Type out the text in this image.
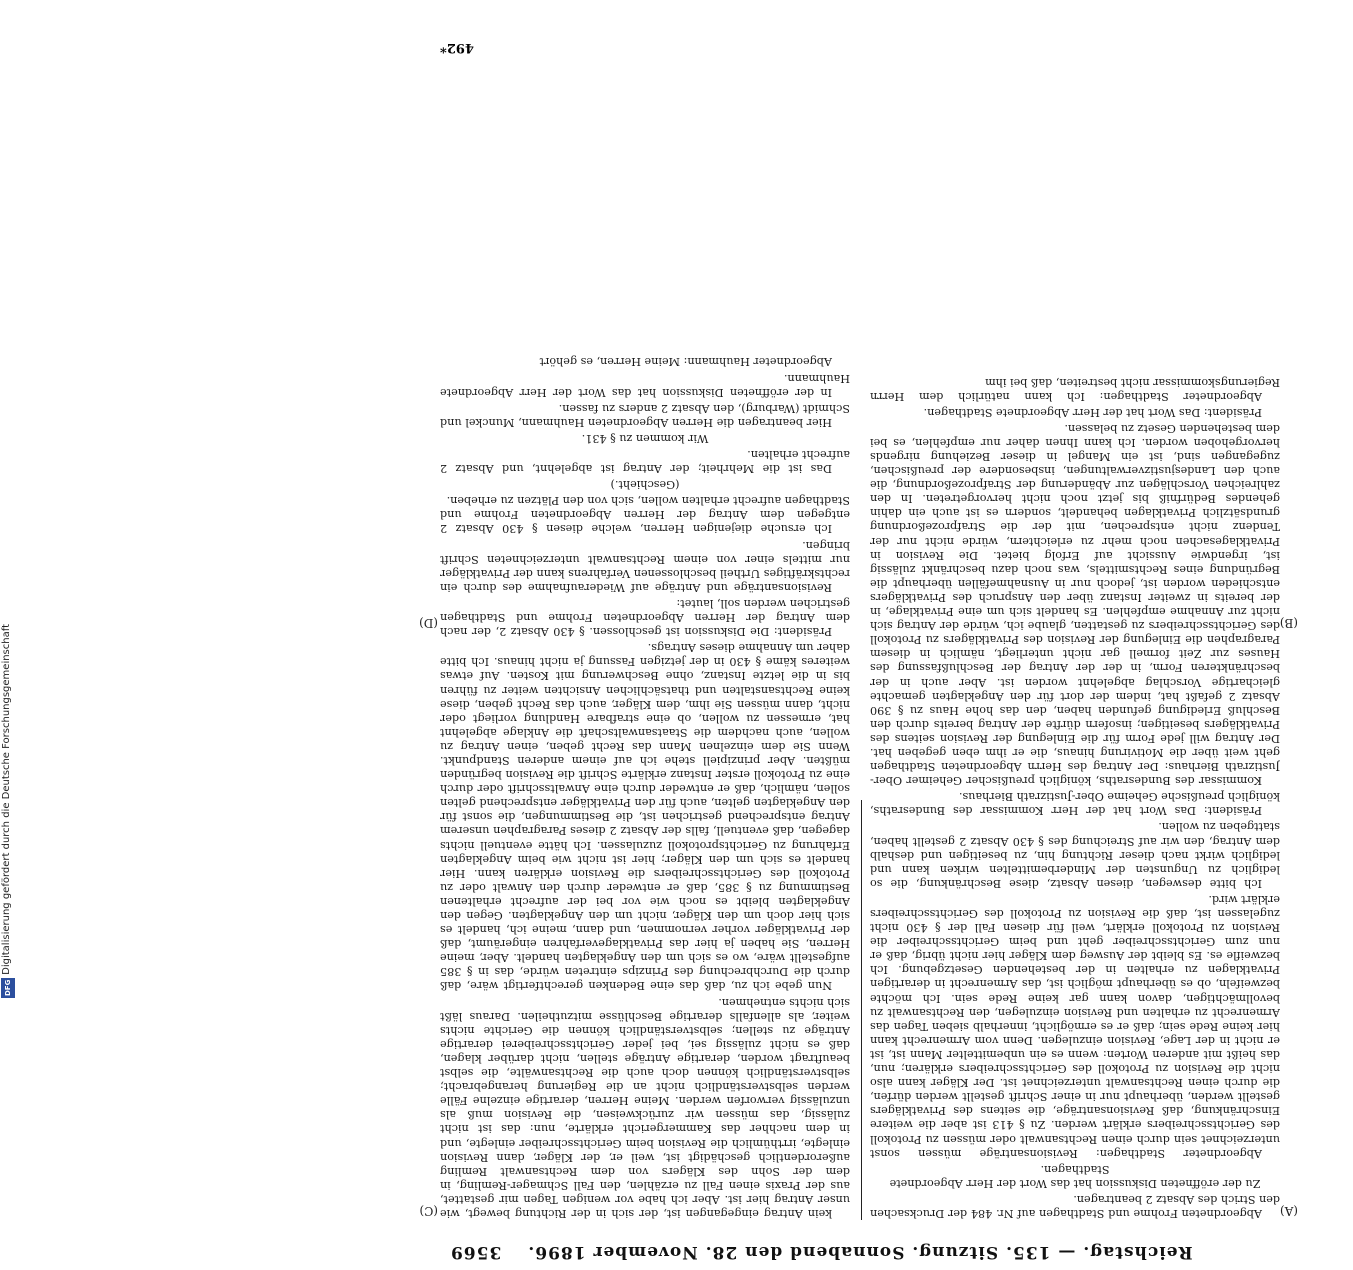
Reichstag. — 135. Sitzung. Sonnabend den 28. November 1896.
3569
(A)
(B)
(C)
(D)

Abgeordneten Frohme und Stadthagen auf Nr. 484 der Drucksachen den Strich des Absatz 2 beantragen.

Zu der eröffneten Diskussion hat das Wort der Herr Abgeordnete Stadthagen.

Abgeordneter Stadthagen: Revisionsanträge müssen sonst unterzeichnet sein durch einen Rechtsanwalt oder müssen zu Protokoll des Gerichtsschreibers erklärt werden. Zu § 413 ist aber die weitere Einschränkung, daß Revisionsanträge, die seitens des Privatklägers gestellt werden, überhaupt nur in einer Schrift gestellt werden dürfen, die durch einen Rechtsanwalt unterzeichnet ist. Der Kläger kann also nicht die Revision zu Protokoll des Gerichtsschreibers erklären; nun, das heißt mit anderen Worten: wenn es ein unbemittelter Mann ist, ist er nicht in der Lage, Revision einzulegen. Denn vom Armenrecht kann hier keine Rede sein; daß er es ermöglicht, innerhalb sieben Tagen das Armenrecht zu erhalten und Revision einzulegen, den Rechtsanwalt zu bevollmächtigen, davon kann gar keine Rede sein. Ich möchte bezweifeln, ob es überhaupt möglich ist, das Armenrecht in derartigen Privatklagen zu erhalten in der bestehenden Gesetzgebung. Ich bezweifle es. Es bleibt der Ausweg dem Kläger hier nicht übrig, daß er nun zum Gerichtsschreiber geht und beim Gerichtsschreiber die Revision zu Protokoll erklärt, weil für diesen Fall der § 430 nicht zugelassen ist, daß die Revision zu Protokoll des Gerichtsschreibers erklärt wird.

Ich bitte deswegen, diesen Absatz, diese Beschränkung, die so lediglich zu Ungunsten der Minderbemittelten wirken kann und lediglich wirkt nach dieser Richtung hin, zu beseitigen und deshalb dem Antrag, den wir auf Streichung des § 430 Absatz 2 gestellt haben, stattgeben zu wollen.

Präsident: Das Wort hat der Herr Kommissar des Bundesraths, königlich preußische Geheime Ober-Justizrath Bierhaus.

Kommissar des Bundesraths, königlich preußischer Geheimer Ober-Justizrath Bierhaus: Der Antrag des Herrn Abgeordneten Stadthagen geht weit über die Motivirung hinaus, die er ihm eben gegeben hat. Der Antrag will jede Form für die Einlegung der Revision seitens des Privatklägers beseitigen; insofern dürfte der Antrag bereits durch den Beschluß Erledigung gefunden haben, den das hohe Haus zu § 390 Absatz 2 gefaßt hat, indem der dort für den Angeklagten gemachte gleichartige Vorschlag abgelehnt worden ist. Aber auch in der beschränkteren Form, in der der Antrag der Beschlußfassung des Hauses zur Zeit formell gar nicht unterliegt, nämlich in diesem Paragraphen die Einlegung der Revision des Privatklägers zu Protokoll des Gerichtsschreibers zu gestatten, glaube ich, würde der Antrag sich nicht zur Annahme empfehlen. Es handelt sich um eine Privatklage, in der bereits in zweiter Instanz über den Anspruch des Privatklägers entschieden worden ist, jedoch nur in Ausnahmefällen überhaupt die Begründung eines Rechtsmittels, was noch dazu beschränkt zulässig ist, irgendwie Aussicht auf Erfolg bietet. Die Revision in Privatklagesachen noch mehr zu erleichtern, würde nicht nur der Tendenz nicht entsprechen, mit der die Strafprozeßordnung grundsätzlich Privatklagen behandelt, sondern es ist auch ein dahin gehendes Bedürfniß bis jetzt noch nicht hervorgetreten. In den zahlreichen Vorschlägen zur Abänderung der Strafprozeßordnung, die auch den Landesjustizverwaltungen, insbesondere der preußischen, zugegangen sind, ist ein Mangel in dieser Beziehung nirgends hervorgehoben worden. Ich kann Ihnen daher nur empfehlen, es bei dem bestehenden Gesetz zu belassen.

Präsident: Das Wort hat der Herr Abgeordnete Stadthagen.

Abgeordneter Stadthagen: Ich kann natürlich dem Herrn Regierungskommissar nicht bestreiten, daß bei ihm

kein Antrag eingegangen ist, der sich in der Richtung bewegt, wie unser Antrag hier ist. Aber ich habe vor wenigen Tagen mir gestattet, aus der Praxis einen Fall zu erzählen, den Fall Schmager-Remling, in dem der Sohn des Klägers von dem Rechtsanwalt Remling außerordentlich geschädigt ist, weil er, der Kläger, dann Revision einlegte, irrthümlich die Revision beim Gerichtsschreiber einlegte, und in dem nachher das Kammergericht erklärte, nun: das ist nicht zulässig, das müssen wir zurückweisen, die Revision muß als unzulässig verworfen werden. Meine Herren, derartige einzelne Fälle werden selbstverständlich nicht an die Regierung herangebracht; selbstverständlich können doch auch die Rechtsanwälte, die selbst beauftragt worden, derartige Anträge stellen, nicht darüber klagen, daß es nicht zulässig sei, bei jeder Gerichtsschreiberei derartige Anträge zu stellen; selbstverständlich können die Gerichte nichts weiter, als allenfalls derartige Beschlüsse mitzutheilen. Daraus läßt sich nichts entnehmen.

Nun gebe ich zu, daß das eine Bedenken gerechtfertigt wäre, daß durch die Durchbrechung des Prinzips eintreten würde, das in § 385 aufgestellt wäre, wo es sich um den Angeklagten handelt. Aber, meine Herren, Sie haben ja hier das Privatklageverfahren eingeräumt, daß der Privatkläger vorher vernommen, und dann, meine ich, handelt es sich hier doch um den Kläger, nicht um den Angeklagten. Gegen den Angeklagten bleibt es noch wie vor bei der aufrecht erhaltenen Bestimmung zu § 385, daß er entweder durch den Anwalt oder zu Protokoll des Gerichtsschreibers die Revision erklären kann. Hier handelt es sich um den Kläger; hier ist nicht wie beim Angeklagten Erfahrung zu Gerichtsprotokoll zuzulassen. Ich hätte eventuell nichts dagegen, daß eventuell, falls der Absatz 2 dieses Paragraphen unserem Antrag entsprechend gestrichen ist, die Bestimmungen, die sonst für den Angeklagten gelten, auch für den Privatkläger entsprechend gelten sollen, nämlich, daß er entweder durch eine Anwaltsschrift oder durch eine zu Protokoll erster Instanz erklärte Schrift die Revision begründen müßten. Aber prinzipiell stehe ich auf einem anderen Standpunkt. Wenn Sie dem einzelnen Mann das Recht geben, einen Antrag zu wollen, auch nachdem die Staatsanwaltschaft die Anklage abgelehnt hat, ermessen zu wollen, ob eine strafbare Handlung vorliegt oder nicht, dann müssen Sie ihm, dem Kläger, auch das Recht geben, diese keine Rechtsanstalten und thatsächlichen Ansichten weiter zu führen bis in die letzte Instanz, ohne Beschwerung mit Kosten. Auf etwas weiteres käme § 430 in der jetzigen Fassung ja nicht hinaus. Ich bitte daher um Annahme dieses Antrags.

Präsident: Die Diskussion ist geschlossen. § 430 Absatz 2, der nach dem Antrag der Herren Abgeordneten Frohme und Stadthagen gestrichen werden soll, lautet:

Revisionsanträge und Anträge auf Wiederaufnahme des durch ein rechtskräftiges Urtheil beschlossenen Verfahrens kann der Privatkläger nur mittels einer von einem Rechtsanwalt unterzeichneten Schrift bringen.

Ich ersuche diejenigen Herren, welche diesen § 430 Absatz 2 entgegen dem Antrag der Herren Abgeordneten Frohme und Stadthagen aufrecht erhalten wollen, sich von den Plätzen zu erheben.

(Geschieht.)

Das ist die Mehrheit; der Antrag ist abgelehnt, und Absatz 2 aufrecht erhalten.

Wir kommen zu § 431.

Hier beantragen die Herren Abgeordneten Hauhmann, Munckel und Schmidt (Warburg), den Absatz 2 anders zu fassen.

In der eröffneten Diskussion hat das Wort der Herr Abgeordnete Hauhmann.

Abgeordneter Hauhmann: Meine Herren, es gehört

492*
Digitalisierung gefördert durch die Deutsche Forschungsgemeinschaft
DFG
